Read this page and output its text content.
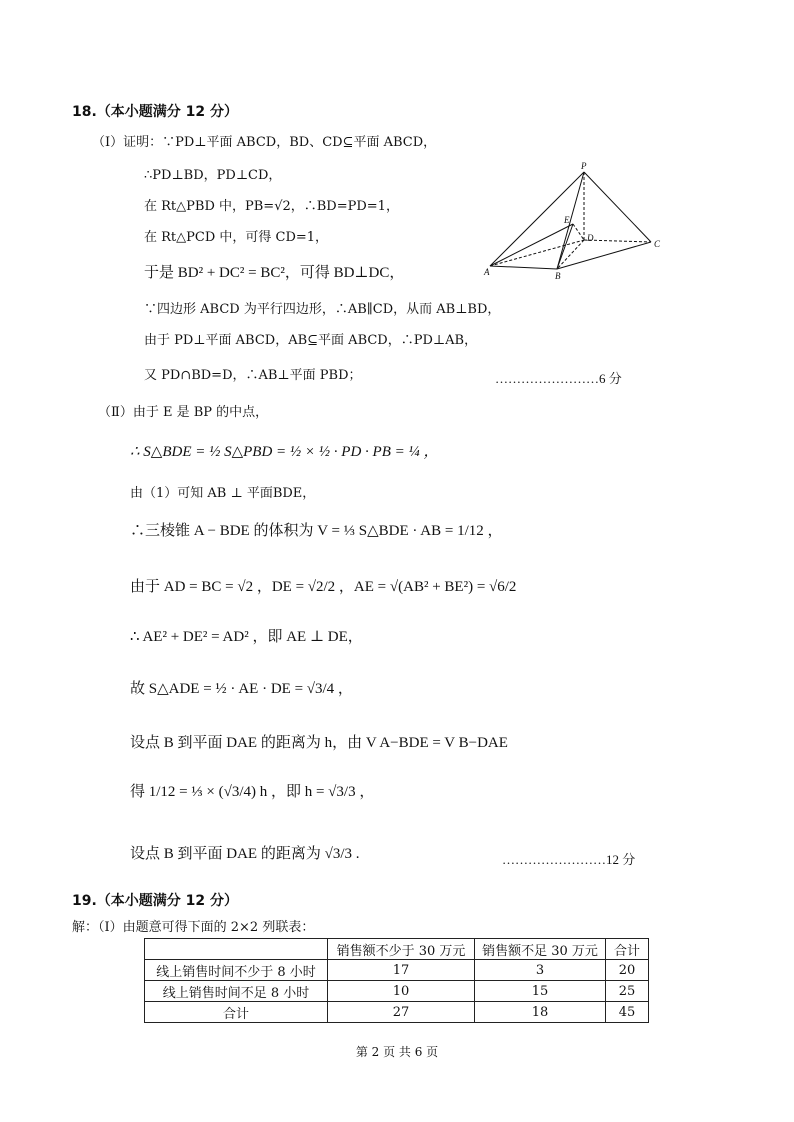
18.（本小题满分 12 分）
（Ⅰ）证明：∵PD⊥平面 ABCD，BD、CD⊆平面 ABCD，
∴PD⊥BD，PD⊥CD，
在 Rt△PBD 中，PB=√2，∴BD=PD=1，
在 Rt△PCD 中，可得 CD=1，
于是 BD² + DC² = BC²，可得 BD⊥DC，
∵四边形 ABCD 为平行四边形，∴AB∥CD，从而 AB⊥BD，
由于 PD⊥平面 ABCD，AB⊆平面 ABCD，∴PD⊥AB，
又 PD∩BD=D，∴AB⊥平面 PBD；	……………………6 分
P
E
D
C
A	B
（Ⅱ）由于 E 是 BP 的中点，
∴ S△BDE = ½ S△PBD = ½ × ½ · PD · PB = ¼ ，
由（1）可知 AB ⊥ 平面BDE，
∴三棱锥 A − BDE 的体积为 V = ⅓ S△BDE · AB = 1/12 ，
由于 AD = BC = √2 ，DE = √2/2 ，AE = √(AB² + BE²) = √6/2
∴ AE² + DE² = AD² ，即 AE ⊥ DE，
故 S△ADE = ½ · AE · DE = √3/4 ，
设点 B 到平面 DAE 的距离为 h，由 V A−BDE = V B−DAE
得 1/12 = ⅓ × (√3/4) h ，即 h = √3/3 ，
设点 B 到平面 DAE 的距离为 √3/3 .	……………………12 分
19.（本小题满分 12 分）
解：（Ⅰ）由题意可得下面的 2×2 列联表：
	销售额不少于 30 万元	销售额不足 30 万元	合计
线上销售时间不少于 8 小时	17	3	20
线上销售时间不足 8 小时	10	15	25
合计	27	18	45
第 2 页 共 6 页
